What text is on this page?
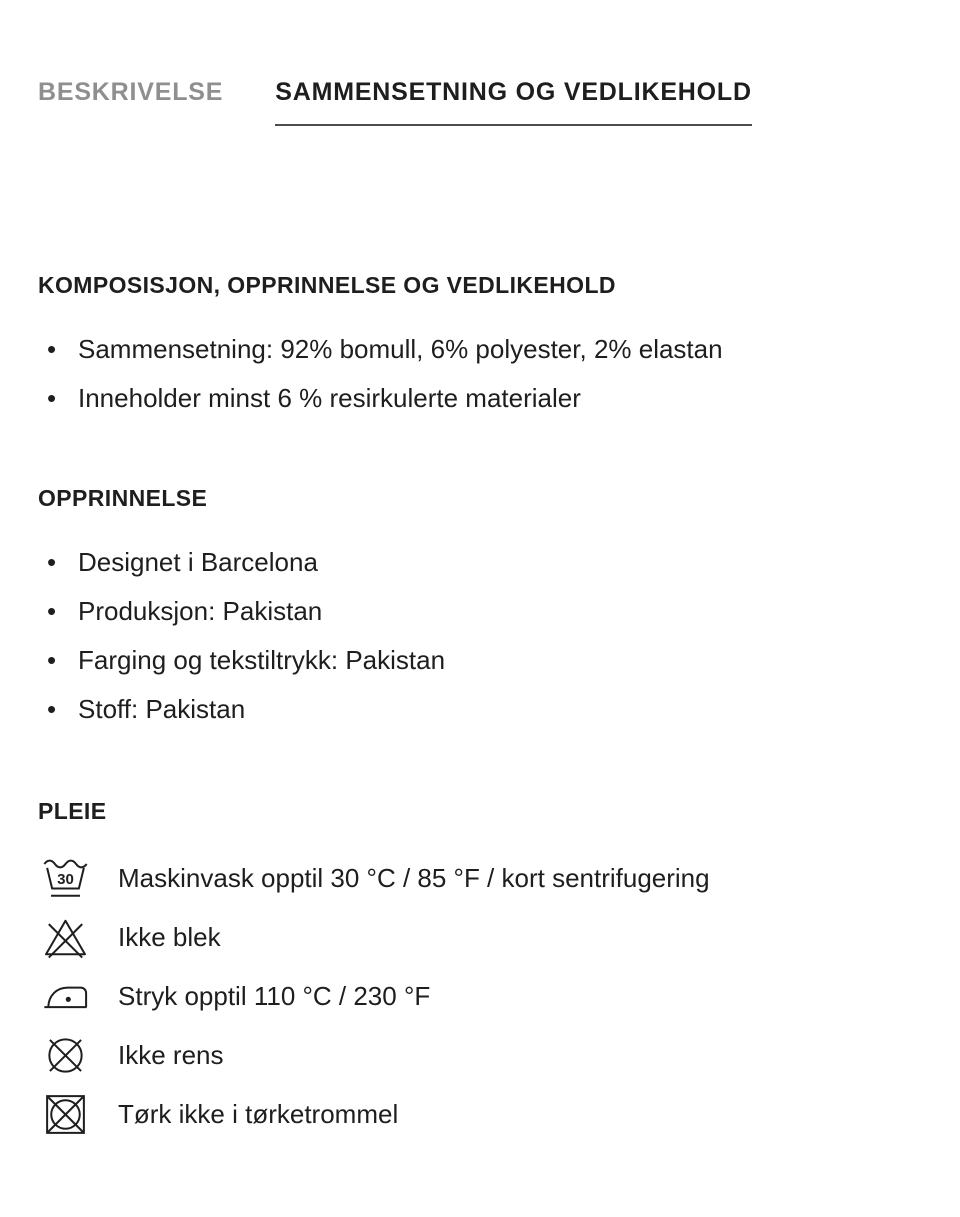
BESKRIVELSE SAMMENSETNING OG VEDLIKEHOLD
KOMPOSISJON, OPPRINNELSE OG VEDLIKEHOLD
• Sammensetning: 92% bomull, 6% polyester, 2% elastan
• Inneholder minst 6 % resirkulerte materialer
OPPRINNELSE
• Designet i Barcelona
• Produksjon: Pakistan
• Farging og tekstiltrykk: Pakistan
• Stoff: Pakistan
PLEIE
30 Maskinvask opptil 30 °C / 85 °F / kort sentrifugering
Ikke blek
Stryk opptil 110 °C / 230 °F
Ikke rens
Tørk ikke i tørketrommel
